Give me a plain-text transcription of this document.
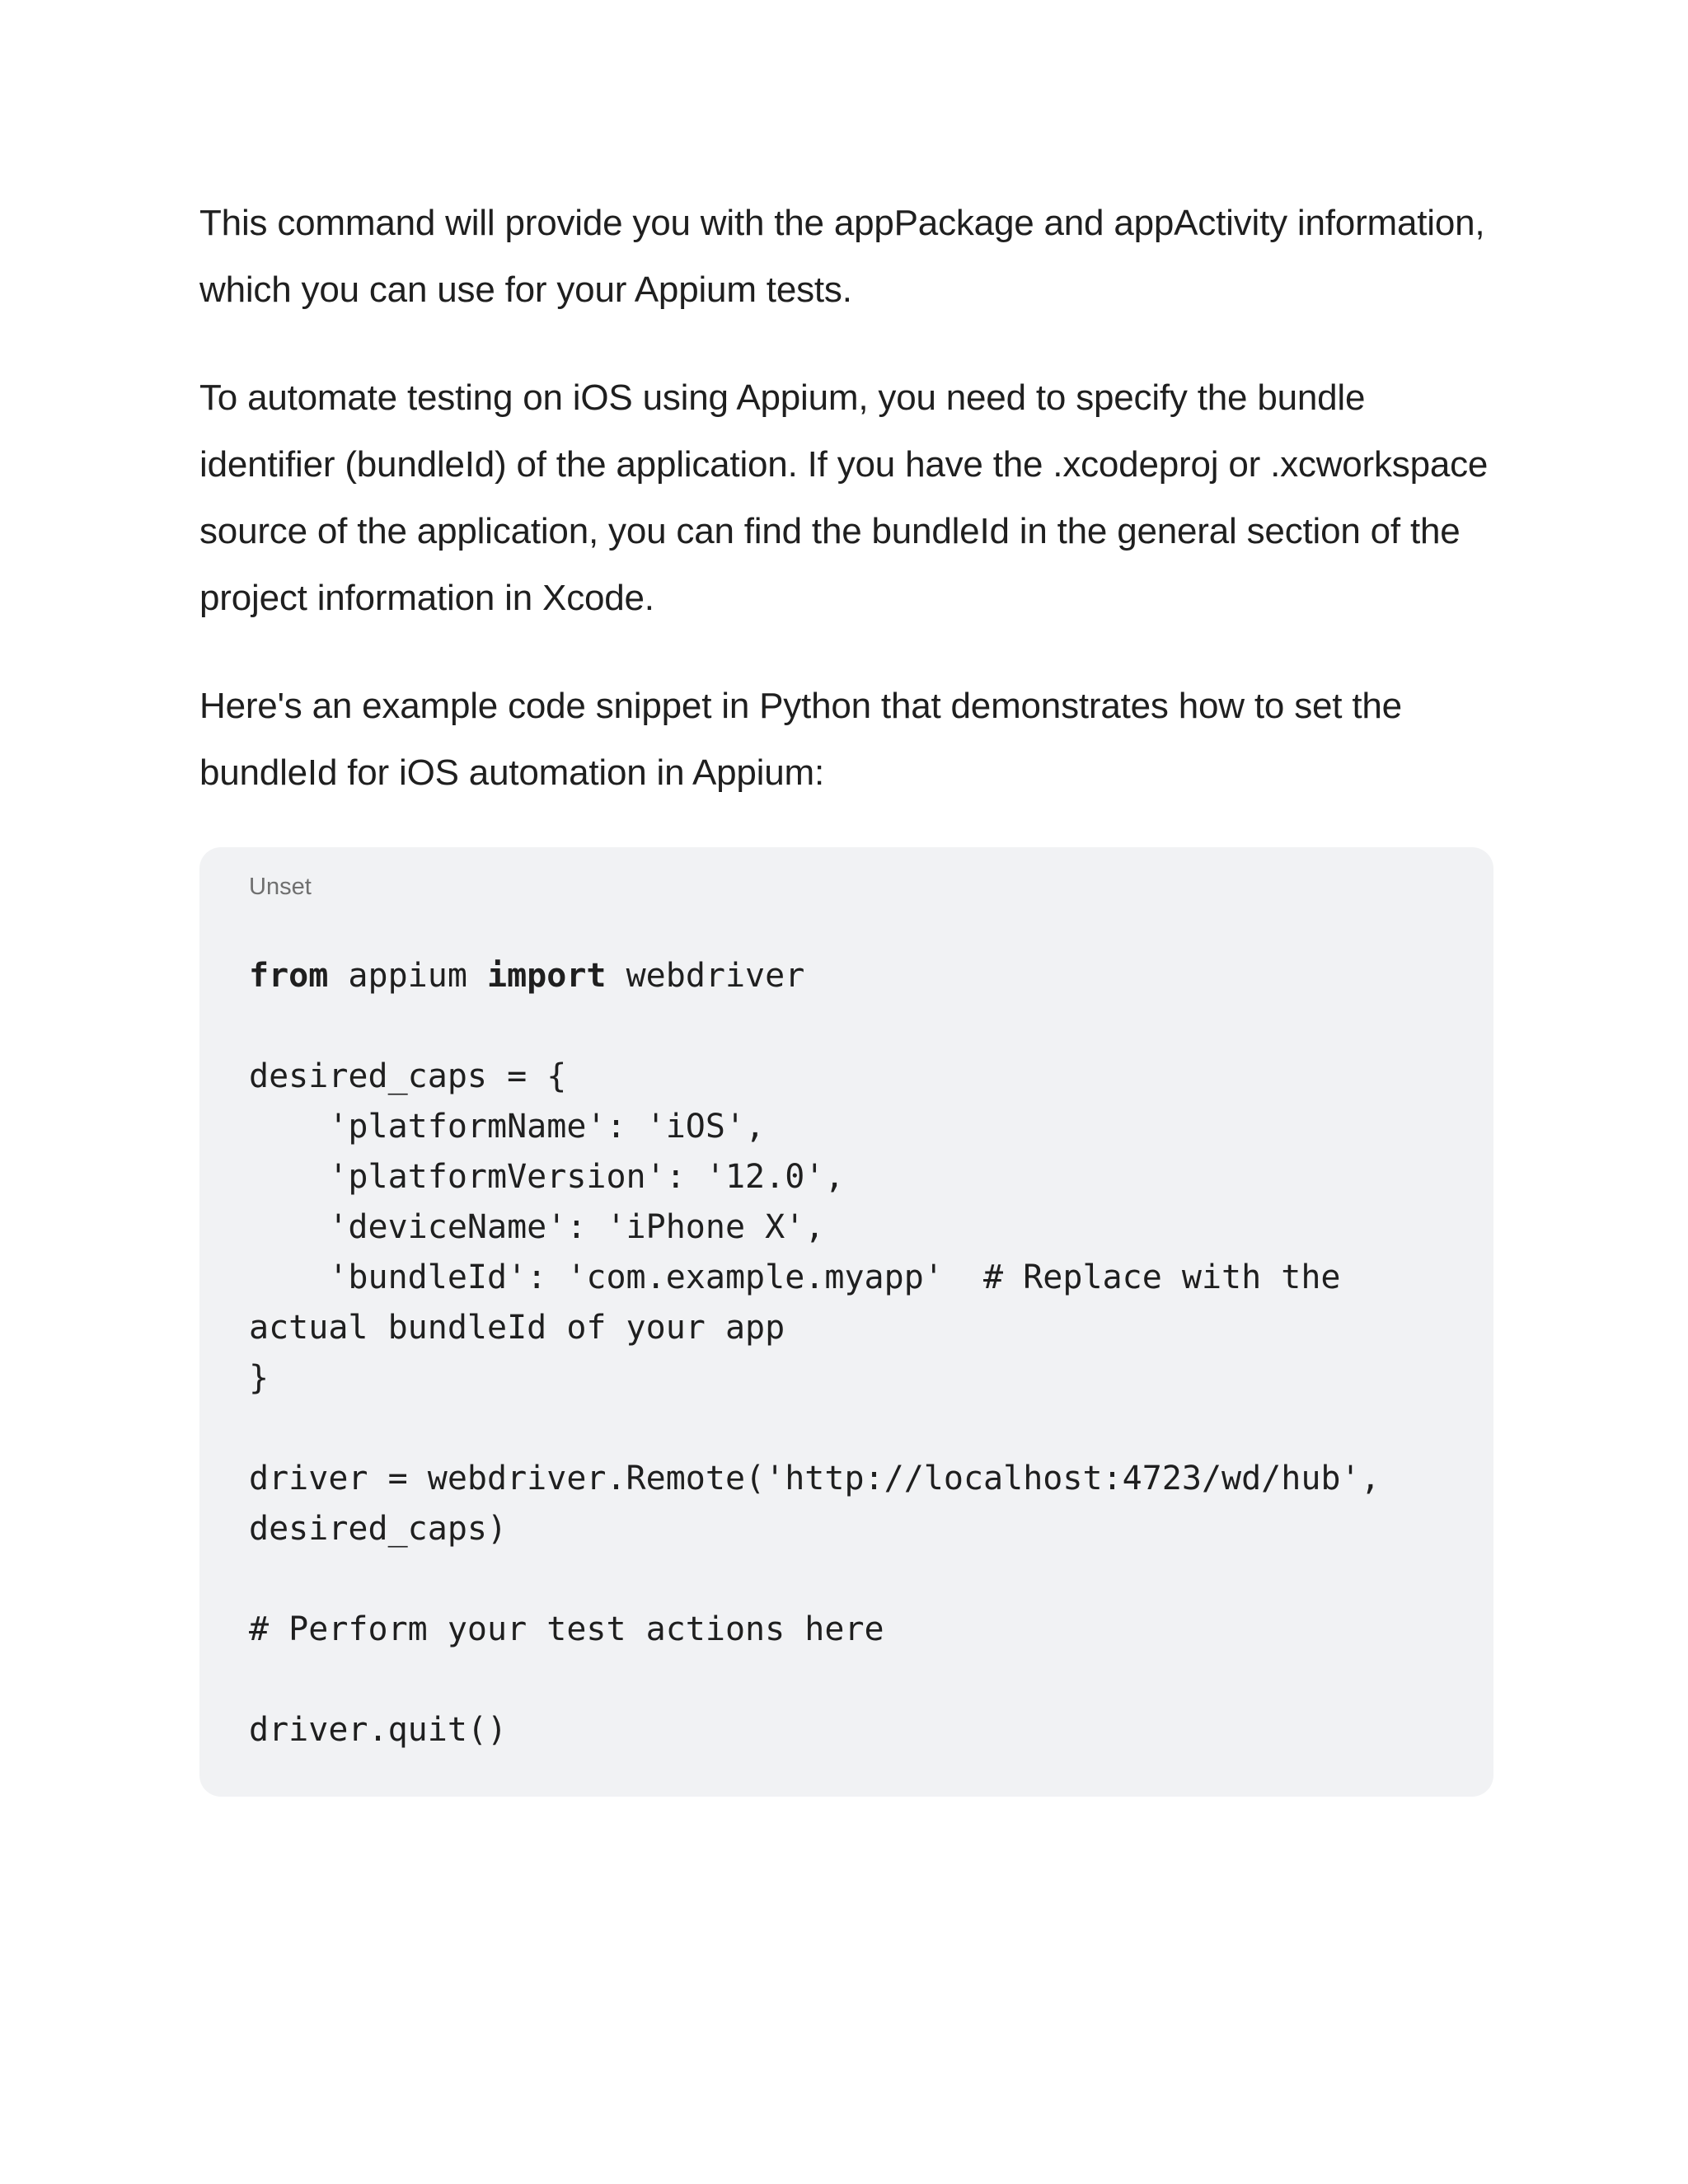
This command will provide you with the appPackage and appActivity information, which you can use for your Appium tests.

To automate testing on iOS using Appium, you need to specify the bundle identifier (bundleId) of the application. If you have the .xcodeproj or .xcworkspace source of the application, you can find the bundleId in the general section of the project information in Xcode.

Here's an example code snippet in Python that demonstrates how to set the bundleId for iOS automation in Appium:

Unset
from appium import webdriver
desired_caps = {
'platformName': 'iOS',
'platformVersion': '12.0',
'deviceName': 'iPhone X',
'bundleId': 'com.example.myapp'  # Replace with the
actual bundleId of your app
}
driver = webdriver.Remote('http://localhost:4723/wd/hub',
desired_caps)
# Perform your test actions here
driver.quit()
